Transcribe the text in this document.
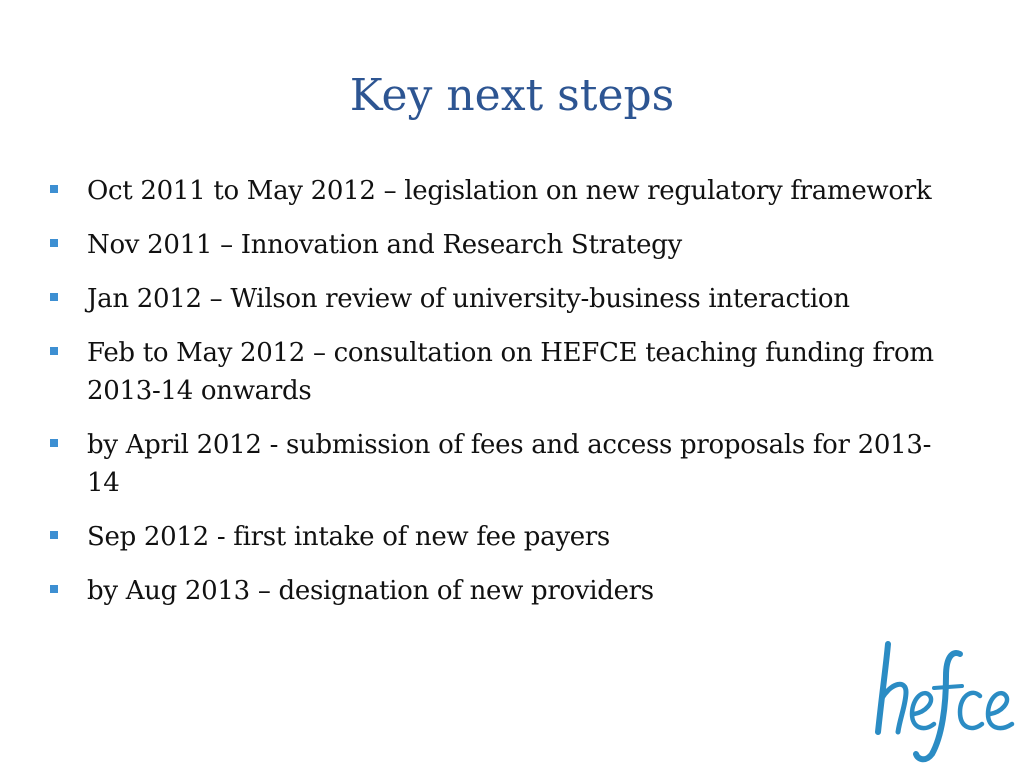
Key next steps
Oct 2011 to May 2012 – legislation on new regulatory framework
Nov 2011 – Innovation and Research Strategy
Jan 2012 – Wilson review of university-business interaction
Feb to May 2012 – consultation on HEFCE teaching funding from 2013-14 onwards
by April 2012 - submission of fees and access proposals for 2013-14
Sep 2012 - first intake of new fee payers
by Aug 2013 – designation of new providers
